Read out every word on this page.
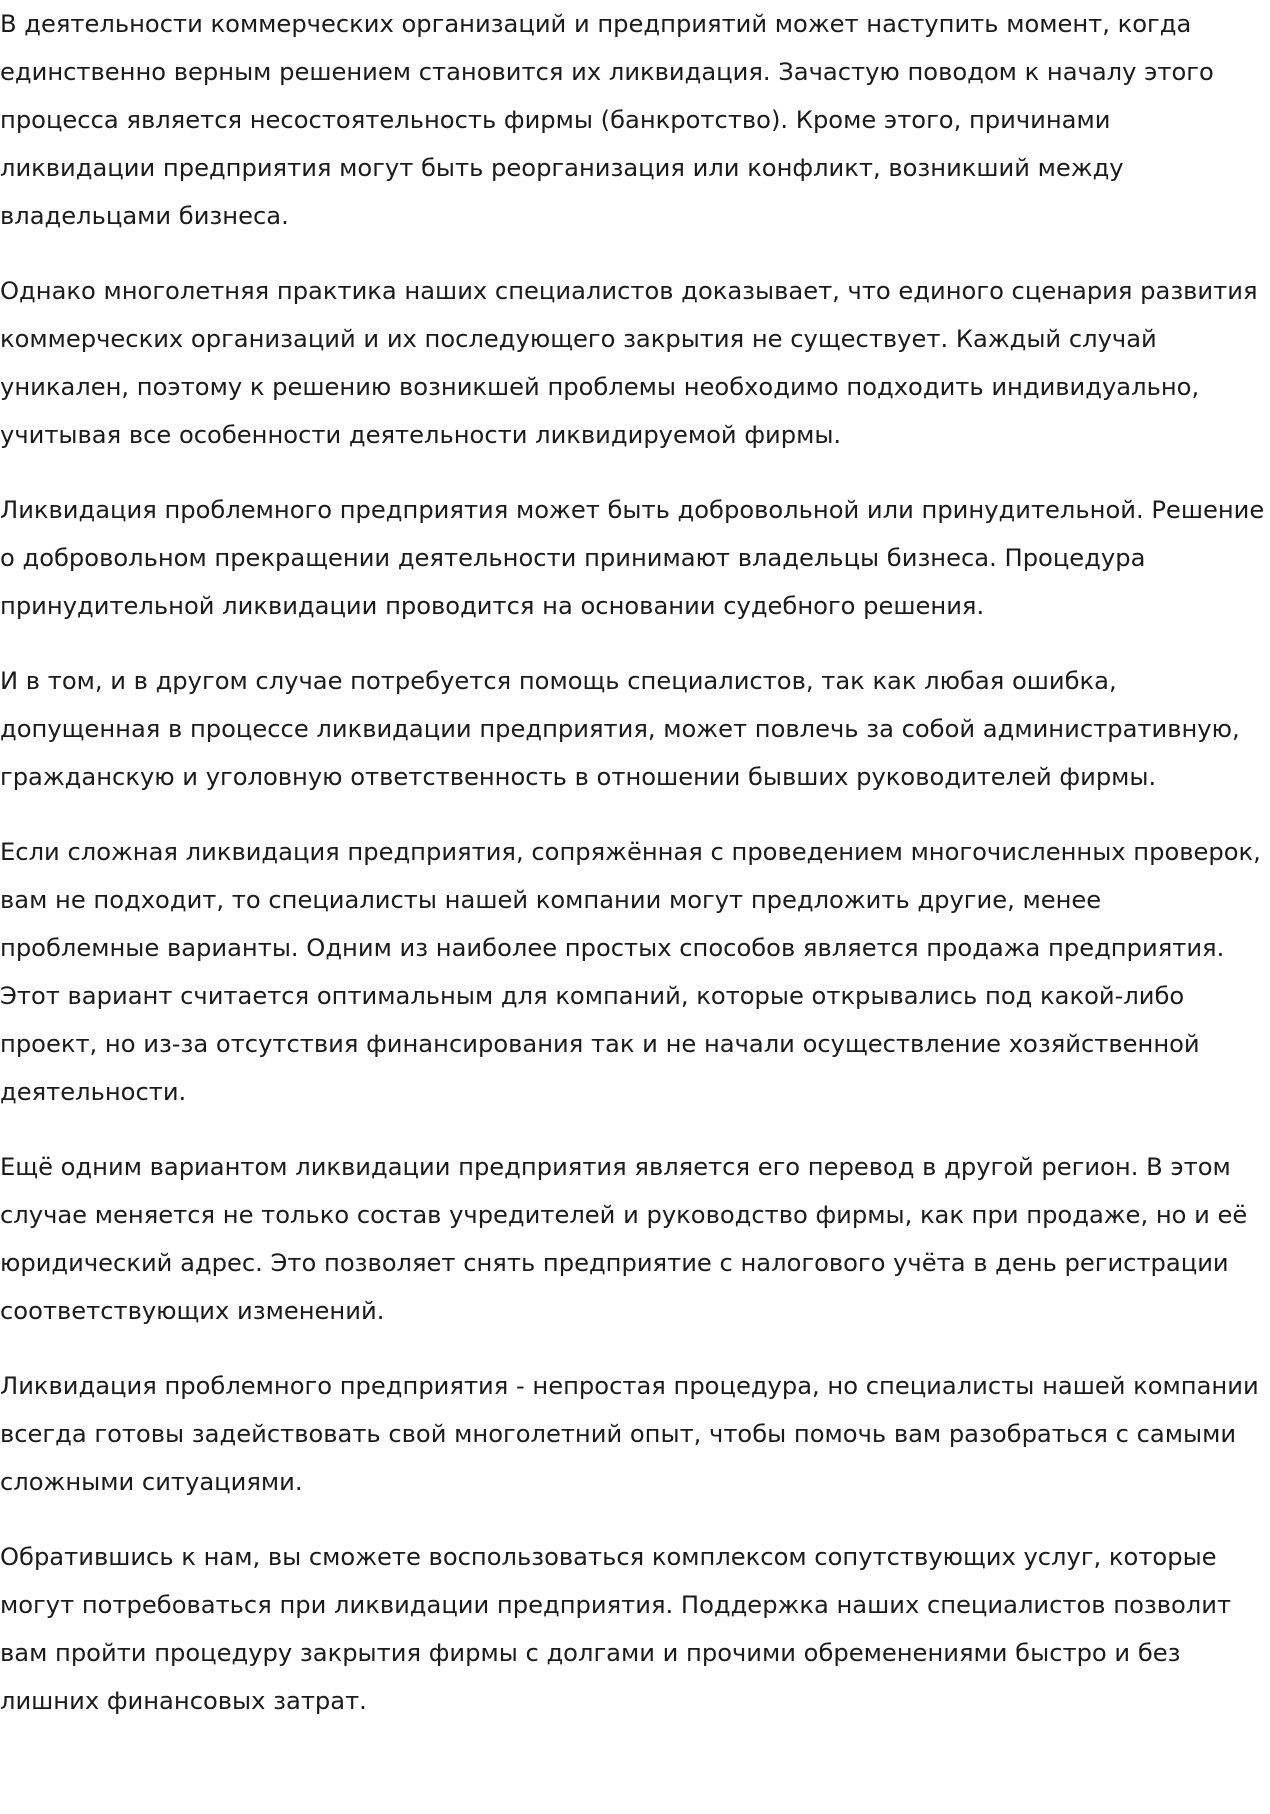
В деятельности коммерческих организаций и предприятий может наступить момент, когда единственно верным решением становится их ликвидация. Зачастую поводом к началу этого процесса является несостоятельность фирмы (банкротство). Кроме этого, причинами ликвидации предприятия могут быть реорганизация или конфликт, возникший между владельцами бизнеса.

Однако многолетняя практика наших специалистов доказывает, что единого сценария развития коммерческих организаций и их последующего закрытия не существует. Каждый случай уникален, поэтому к решению возникшей проблемы необходимо подходить индивидуально, учитывая все особенности деятельности ликвидируемой фирмы.

Ликвидация проблемного предприятия может быть добровольной или принудительной. Решение о добровольном прекращении деятельности принимают владельцы бизнеса. Процедура принудительной ликвидации проводится на основании судебного решения.

И в том, и в другом случае потребуется помощь специалистов, так как любая ошибка, допущенная в процессе ликвидации предприятия, может повлечь за собой административную, гражданскую и уголовную ответственность в отношении бывших руководителей фирмы.

Если сложная ликвидация предприятия, сопряжённая с проведением многочисленных проверок, вам не подходит, то специалисты нашей компании могут предложить другие, менее проблемные варианты. Одним из наиболее простых способов является продажа предприятия. Этот вариант считается оптимальным для компаний, которые открывались под какой-либо проект, но из-за отсутствия финансирования так и не начали осуществление хозяйственной деятельности.

Ещё одним вариантом ликвидации предприятия является его перевод в другой регион. В этом случае меняется не только состав учредителей и руководство фирмы, как при продаже, но и её юридический адрес. Это позволяет снять предприятие с налогового учёта в день регистрации соответствующих изменений.

Ликвидация проблемного предприятия - непростая процедура, но специалисты нашей компании всегда готовы задействовать свой многолетний опыт, чтобы помочь вам разобраться с самыми сложными ситуациями.

Обратившись к нам, вы сможете воспользоваться комплексом сопутствующих услуг, которые могут потребоваться при ликвидации предприятия. Поддержка наших специалистов позволит вам пройти процедуру закрытия фирмы с долгами и прочими обременениями быстро и без лишних финансовых затрат.
